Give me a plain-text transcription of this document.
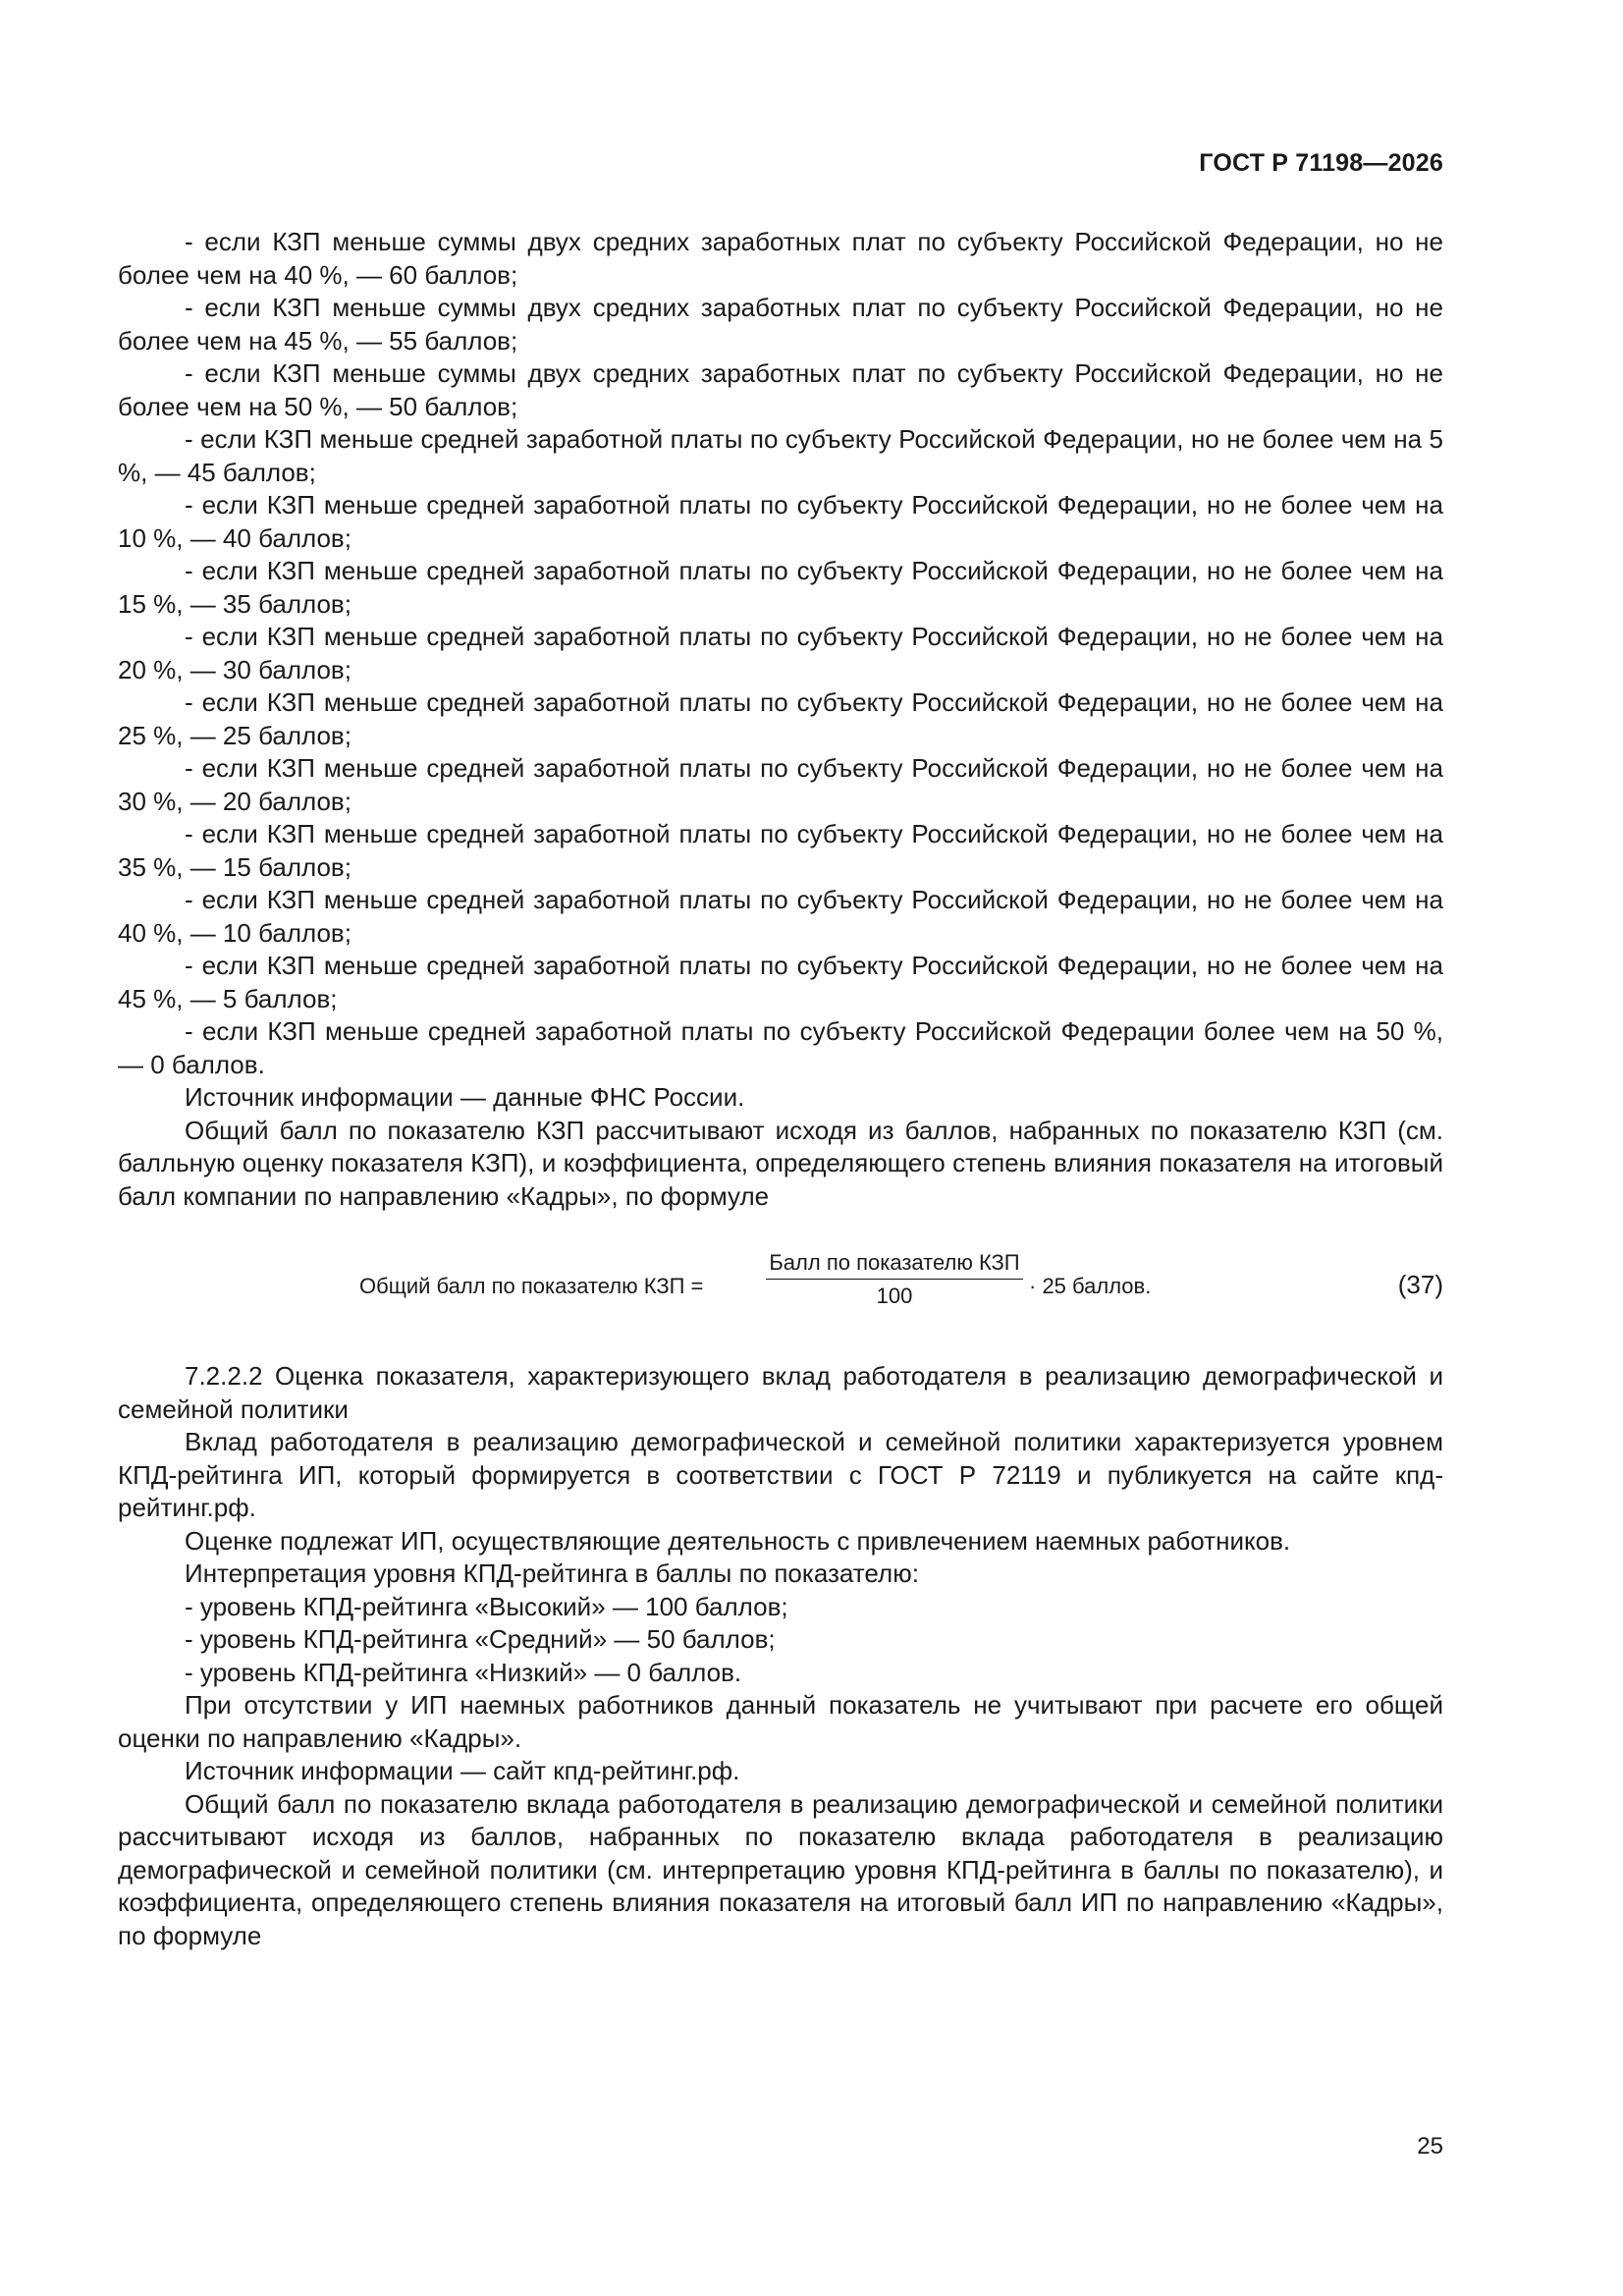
ГОСТ Р 71198—2026

- если КЗП меньше суммы двух средних заработных плат по субъекту Российской Федерации, но не более чем на 40 %, — 60 баллов;

- если КЗП меньше суммы двух средних заработных плат по субъекту Российской Федерации, но не более чем на 45 %, — 55 баллов;

- если КЗП меньше суммы двух средних заработных плат по субъекту Российской Федерации, но не более чем на 50 %, — 50 баллов;

- если КЗП меньше средней заработной платы по субъекту Российской Федерации, но не более чем на 5 %, — 45 баллов;

- если КЗП меньше средней заработной платы по субъекту Российской Федерации, но не более чем на 10 %, — 40 баллов;

- если КЗП меньше средней заработной платы по субъекту Российской Федерации, но не более чем на 15 %, — 35 баллов;

- если КЗП меньше средней заработной платы по субъекту Российской Федерации, но не более чем на 20 %, — 30 баллов;

- если КЗП меньше средней заработной платы по субъекту Российской Федерации, но не более чем на 25 %, — 25 баллов;

- если КЗП меньше средней заработной платы по субъекту Российской Федерации, но не более чем на 30 %, — 20 баллов;

- если КЗП меньше средней заработной платы по субъекту Российской Федерации, но не более чем на 35 %, — 15 баллов;

- если КЗП меньше средней заработной платы по субъекту Российской Федерации, но не более чем на 40 %, — 10 баллов;

- если КЗП меньше средней заработной платы по субъекту Российской Федерации, но не более чем на 45 %, — 5 баллов;

- если КЗП меньше средней заработной платы по субъекту Российской Федерации более чем на 50 %, — 0 баллов.

Источник информации — данные ФНС России.

Общий балл по показателю КЗП рассчитывают исходя из баллов, набранных по показателю КЗП (см. балльную оценку показателя КЗП), и коэффициента, определяющего степень влияния показателя на итоговый балл компании по направлению «Кадры», по формуле

Общий балл по показателю КЗП =
Балл по показателю КЗП
100	· 25 баллов.	(37)

7.2.2.2 Оценка показателя, характеризующего вклад работодателя в реализацию демографической и семейной политики

Вклад работодателя в реализацию демографической и семейной политики характеризуется уровнем КПД-рейтинга ИП, который формируется в соответствии с ГОСТ Р 72119 и публикуется на сайте кпд-рейтинг.рф.

Оценке подлежат ИП, осуществляющие деятельность с привлечением наемных работников.

Интерпретация уровня КПД-рейтинга в баллы по показателю:

- уровень КПД-рейтинга «Высокий» — 100 баллов;

- уровень КПД-рейтинга «Средний» — 50 баллов;

- уровень КПД-рейтинга «Низкий» — 0 баллов.

При отсутствии у ИП наемных работников данный показатель не учитывают при расчете его общей оценки по направлению «Кадры».

Источник информации — сайт кпд-рейтинг.рф.

Общий балл по показателю вклада работодателя в реализацию демографической и семейной политики рассчитывают исходя из баллов, набранных по показателю вклада работодателя в реализацию демографической и семейной политики (см. интерпретацию уровня КПД-рейтинга в баллы по показателю), и коэффициента, определяющего степень влияния показателя на итоговый балл ИП по направлению «Кадры», по формуле

25
